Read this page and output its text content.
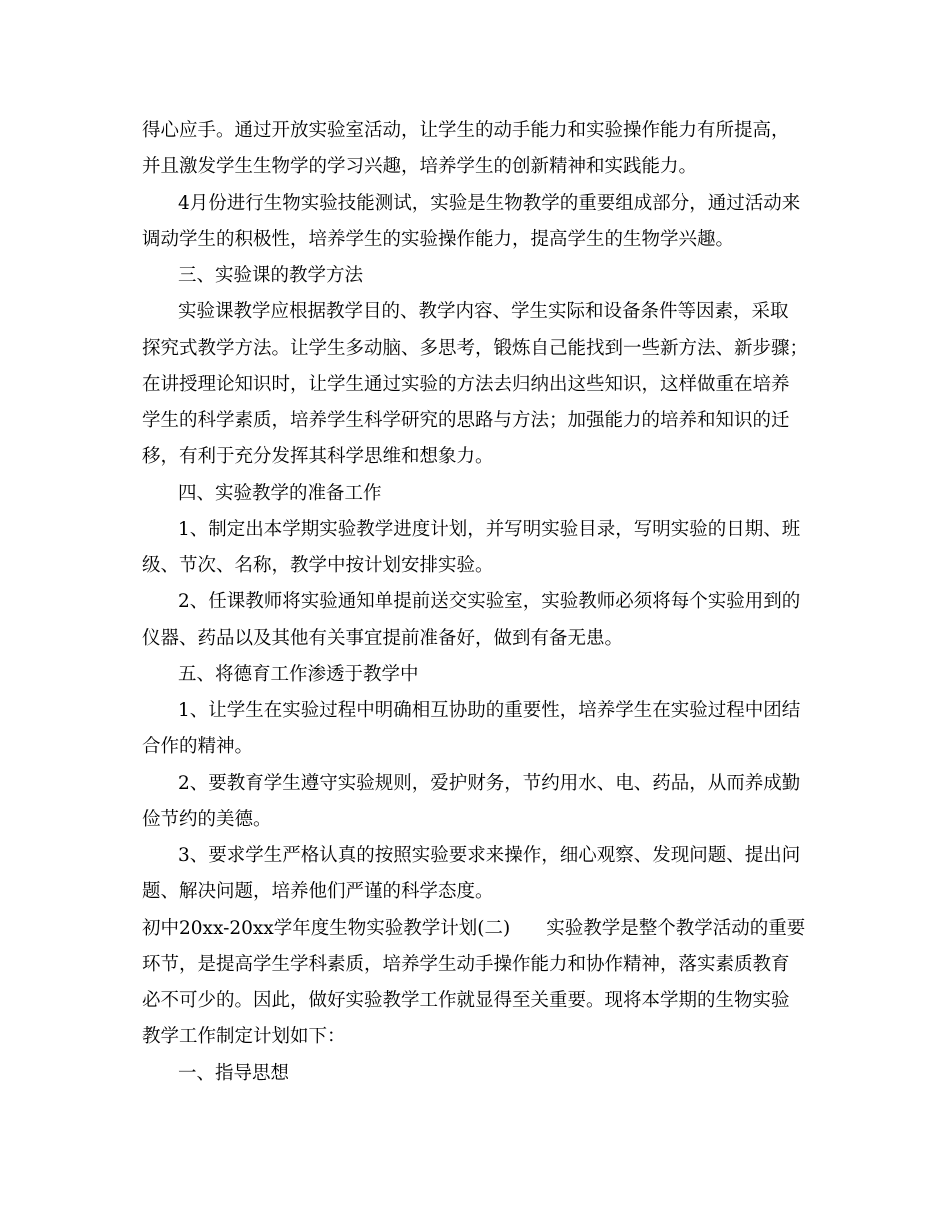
得心应手。通过开放实验室活动，让学生的动手能力和实验操作能力有所提高，
并且激发学生生物学的学习兴趣，培养学生的创新精神和实践能力。
4月份进行生物实验技能测试，实验是生物教学的重要组成部分，通过活动来
调动学生的积极性，培养学生的实验操作能力，提高学生的生物学兴趣。
三、实验课的教学方法
实验课教学应根据教学目的、教学内容、学生实际和设备条件等因素，采取
探究式教学方法。让学生多动脑、多思考，锻炼自己能找到一些新方法、新步骤；
在讲授理论知识时，让学生通过实验的方法去归纳出这些知识，这样做重在培养
学生的科学素质，培养学生科学研究的思路与方法；加强能力的培养和知识的迁
移，有利于充分发挥其科学思维和想象力。
四、实验教学的准备工作
1、制定出本学期实验教学进度计划，并写明实验目录，写明实验的日期、班
级、节次、名称，教学中按计划安排实验。
2、任课教师将实验通知单提前送交实验室，实验教师必须将每个实验用到的
仪器、药品以及其他有关事宜提前准备好，做到有备无患。
五、将德育工作渗透于教学中
1、让学生在实验过程中明确相互协助的重要性，培养学生在实验过程中团结
合作的精神。
2、要教育学生遵守实验规则，爱护财务，节约用水、电、药品，从而养成勤
俭节约的美德。
3、要求学生严格认真的按照实验要求来操作，细心观察、发现问题、提出问
题、解决问题，培养他们严谨的科学态度。
初中20xx-20xx学年度生物实验教学计划(二) 实验教学是整个教学活动的重要
环节，是提高学生学科素质，培养学生动手操作能力和协作精神，落实素质教育
必不可少的。因此，做好实验教学工作就显得至关重要。现将本学期的生物实验
教学工作制定计划如下：
一、指导思想
